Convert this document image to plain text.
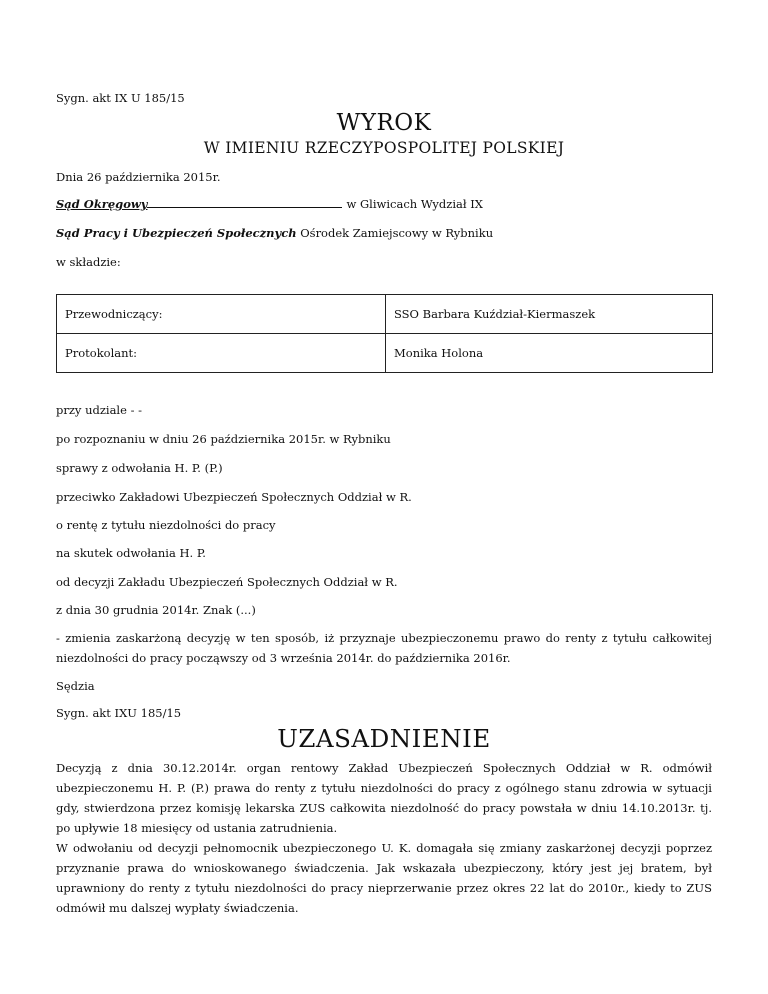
Sygn. akt IX U 185/15

WYROK

W IMIENIU RZECZYPOSPOLITEJ POLSKIEJ

Dnia 26 października 2015r.

Sąd Okręgowy	w Gliwicach Wydział IX

Sąd Pracy i Ubezpieczeń Społecznych Ośrodek Zamiejscowy w Rybniku

w składzie:

Przewodniczący:	SSO Barbara Kuździał-Kiermaszek
Protokolant:	Monika Holona

przy udziale - -

po rozpoznaniu w dniu 26 października 2015r. w Rybniku

sprawy z odwołania H. P. (P.)

przeciwko Zakładowi Ubezpieczeń Społecznych Oddział w R.

o rentę z tytułu niezdolności do pracy

na skutek odwołania H. P.

od decyzji Zakładu Ubezpieczeń Społecznych Oddział w R.

z dnia 30 grudnia 2014r. Znak (...)

- zmienia zaskarżoną decyzję w ten sposób, iż przyznaje ubezpieczonemu prawo do renty z tytułu całkowitej niezdolności do pracy począwszy od 3 września 2014r. do października 2016r.

Sędzia

Sygn. akt IXU 185/15

UZASADNIENIE

Decyzją z dnia 30.12.2014r. organ rentowy Zakład Ubezpieczeń Społecznych Oddział w R. odmówił ubezpieczonemu H. P. (P.) prawa do renty z tytułu niezdolności do pracy z ogólnego stanu zdrowia w sytuacji gdy, stwierdzona przez komisję lekarska ZUS całkowita niezdolność do pracy powstała w dniu 14.10.2013r. tj. po upływie 18 miesięcy od ustania zatrudnienia.

W odwołaniu od decyzji pełnomocnik ubezpieczonego U. K. domagała się zmiany zaskarżonej decyzji poprzez przyznanie prawa do wnioskowanego świadczenia. Jak wskazała ubezpieczony, który jest jej bratem, był uprawniony do renty z tytułu niezdolności do pracy nieprzerwanie przez okres 22 lat do 2010r., kiedy to ZUS odmówił mu dalszej wypłaty świadczenia.
